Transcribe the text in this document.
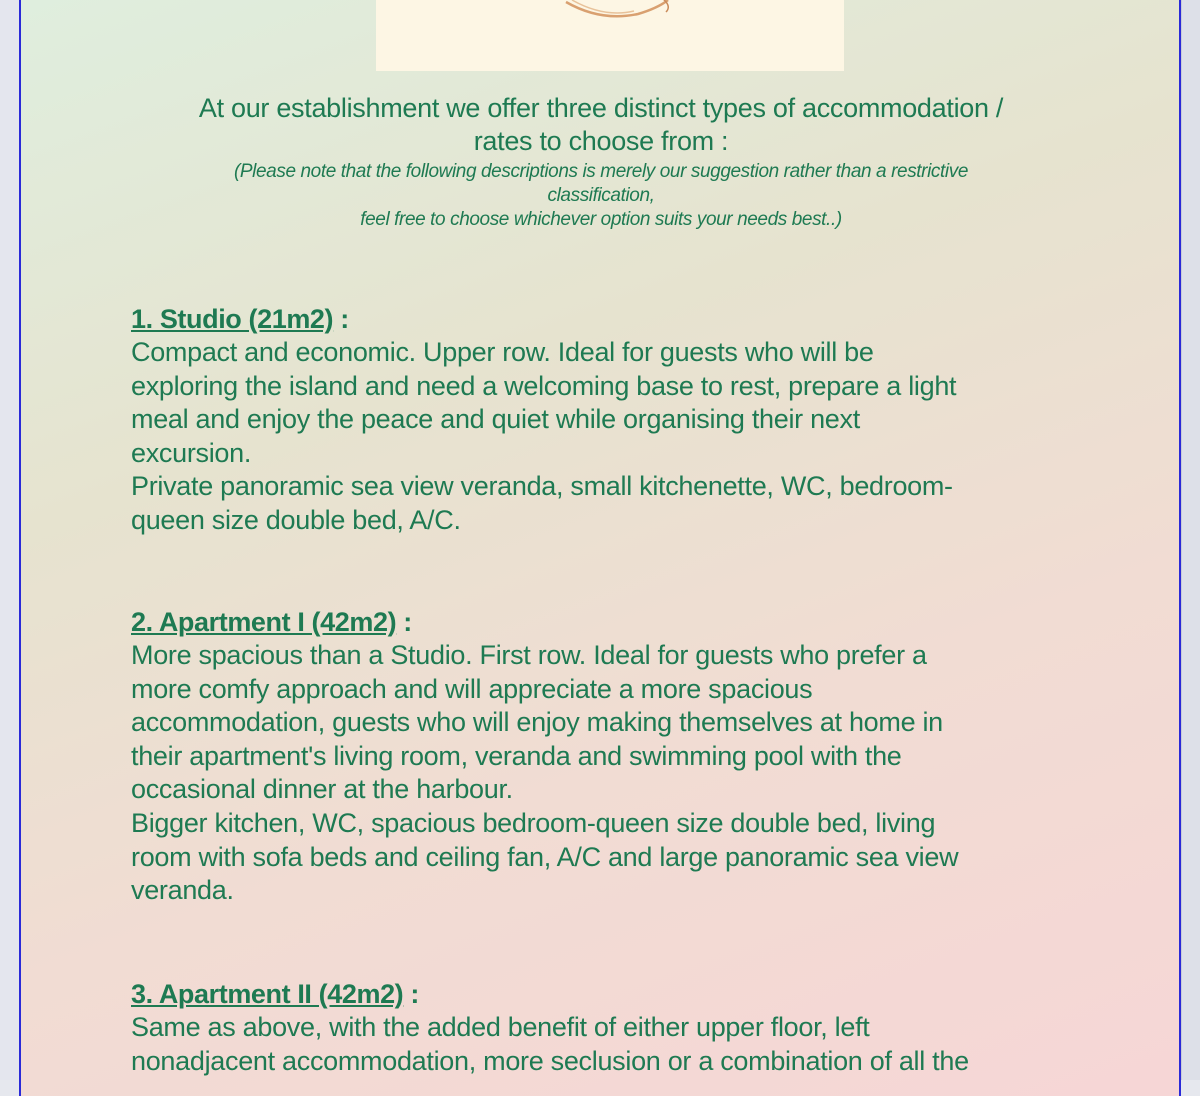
At our establishment we offer three distinct types of accommodation /
rates to choose from :
(Please note that the following descriptions is merely our suggestion rather than a restrictive
classification,
feel free to choose whichever option suits your needs best..)
1. Studio (21m2) :
Compact and economic. Upper row. Ideal for guests who will be
exploring the island and need a welcoming base to rest, prepare a light
meal and enjoy the peace and quiet while organising their next
excursion.
Private panoramic sea view veranda, small kitchenette, WC, bedroom-
queen size double bed, A/C.
2. Apartment I (42m2) :
More spacious than a Studio. First row. Ideal for guests who prefer a
more comfy approach and will appreciate a more spacious
accommodation, guests who will enjoy making themselves at home in
their apartment's living room, veranda and swimming pool with the
occasional dinner at the harbour.
Bigger kitchen, WC, spacious bedroom-queen size double bed, living
room with sofa beds and ceiling fan, A/C and large panoramic sea view
veranda.
3. Apartment II (42m2) :
Same as above, with the added benefit of either upper floor, left
nonadjacent accommodation, more seclusion or a combination of all the
